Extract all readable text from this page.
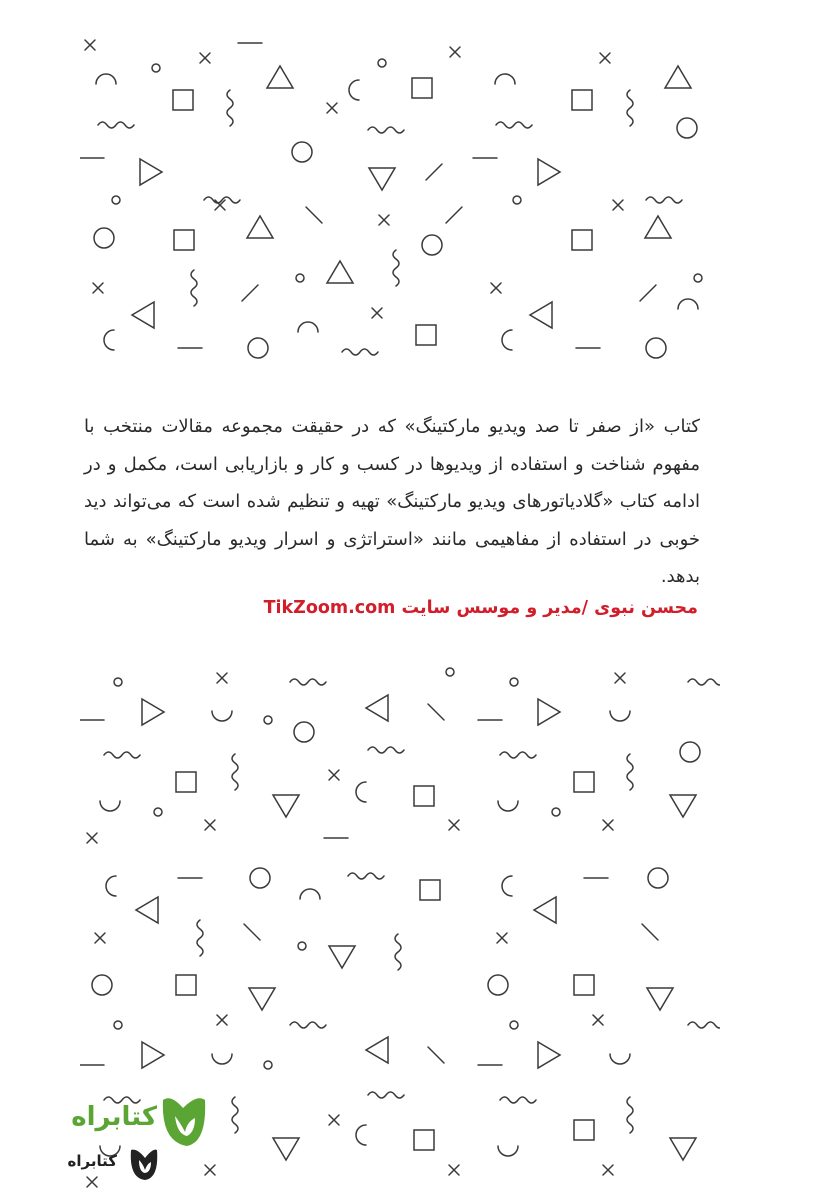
کتاب «از صفر تا صد ویدیو مارکتینگ» که در حقیقت مجموعه مقالات منتخب با مفهوم شناخت و استفاده از ویدیوها در کسب و کار و بازاریابی است، مکمل و در ادامه کتاب «گلادیاتورهای ویدیو مارکتینگ» تهیه و تنظیم شده است که می‌تواند دید خوبی در استفاده از مفاهیمی مانند «استراتژی و اسرار ویدیو مارکتینگ» به شما بدهد.
محسن نبوی /مدیر و موسس سایت TikZoom.com
کتابراه
کتابراه
